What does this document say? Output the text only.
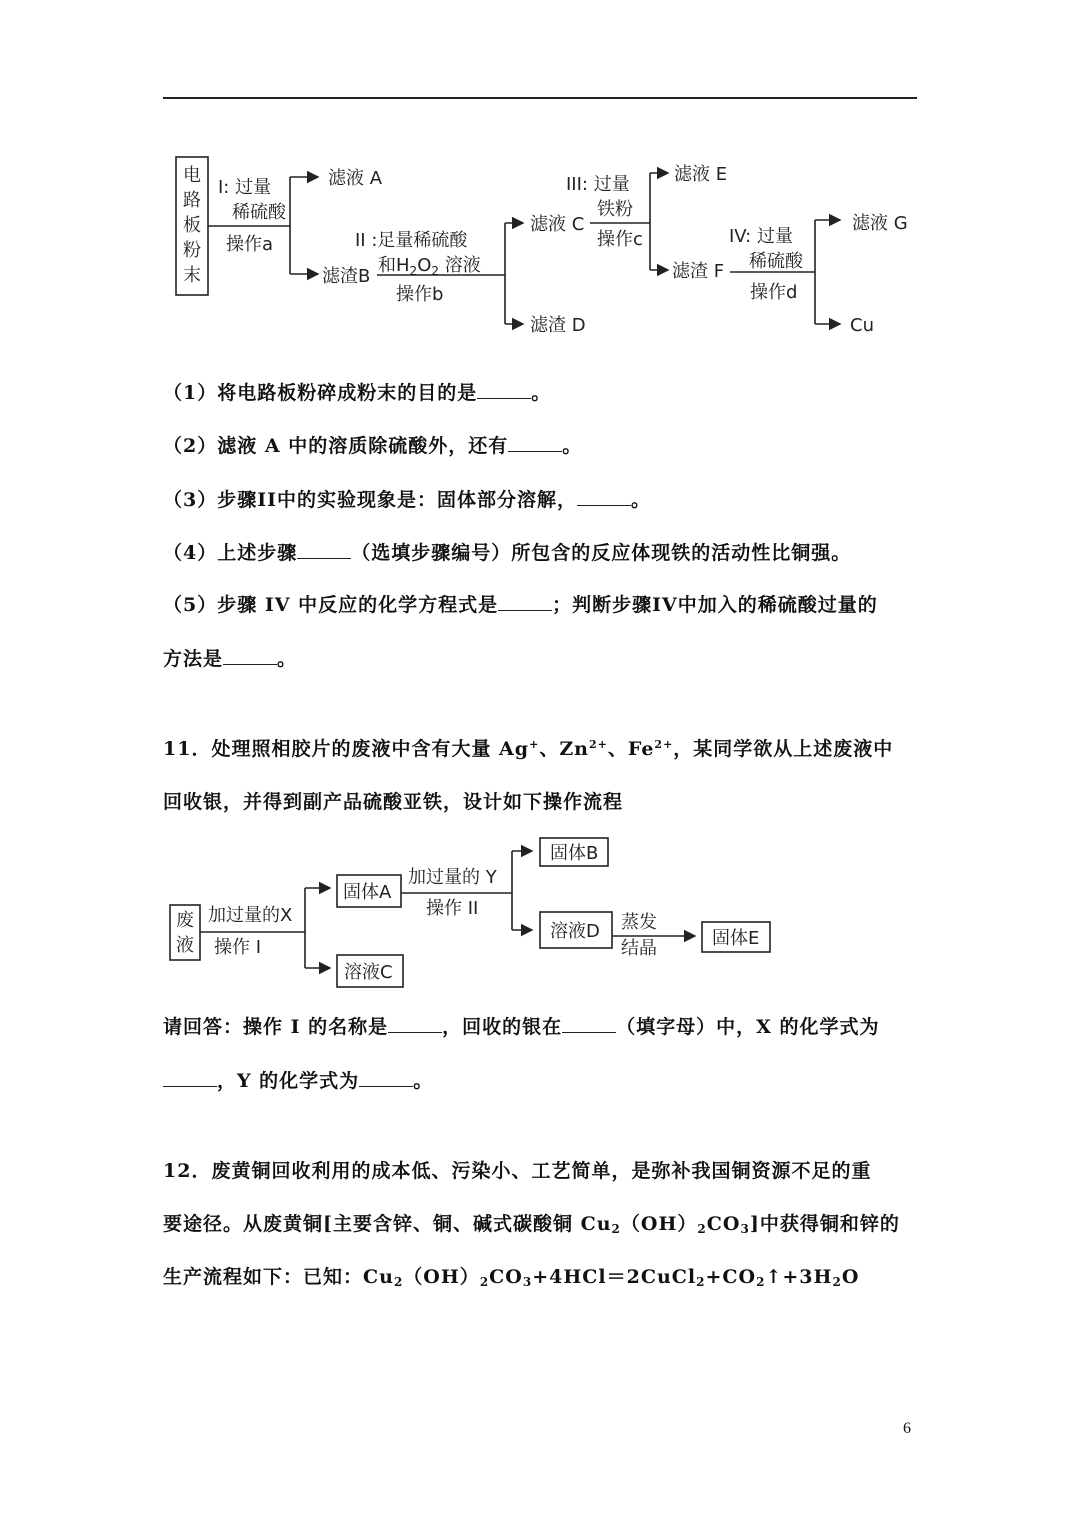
电
路
板
粉
末
I: 过量
稀硫酸
操作a
滤液 A
滤渣B
II :足量稀硫酸
和$H_2O_2$ 溶液
操作b
滤液 C
滤渣 D
III: 过量
铁粉
操作c
滤液 E
滤渣 F
IV: 过量
稀硫酸
操作d
滤液 G
Cu
废
液
加过量的X
操作 I
固体A
溶液C
加过量的 Y
操作 II
固体B
溶液D 蒸发
结晶	固体E
（1）将电路板粉碎成粉末的目的是	。
（2）滤液 A 中的溶质除硫酸外，还有	。
（3）步骤II中的实验现象是：固体部分溶解，	。
（4）上述步骤	（选填步骤编号）所包含的反应体现铁的活动性比铜强。
（5）步骤 IV 中反应的化学方程式是	；判断步骤IV中加入的稀硫酸过量的
方法是	。
11．处理照相胶片的废液中含有大量 Ag+、$Zn^{2+}$、$Fe^{2+}$，某同学欲从上述废液中
回收银，并得到副产品硫酸亚铁，设计如下操作流程
请回答：操作 I 的名称是	，回收的银在	（填字母）中，X 的化学式为
，Y 的化学式为	。
12．废黄铜回收利用的成本低、污染小、工艺简单，是弥补我国铜资源不足的重
要途径。从废黄铜[主要含锌、铜、碱式碳酸铜 $Cu_2(OH)_2CO_3$]中获得铜和锌的
生产流程如下：已知：$Cu_2(OH)_2CO_3+4HCl=2CuCl_2+CO_2↑+3H_2O$
6
